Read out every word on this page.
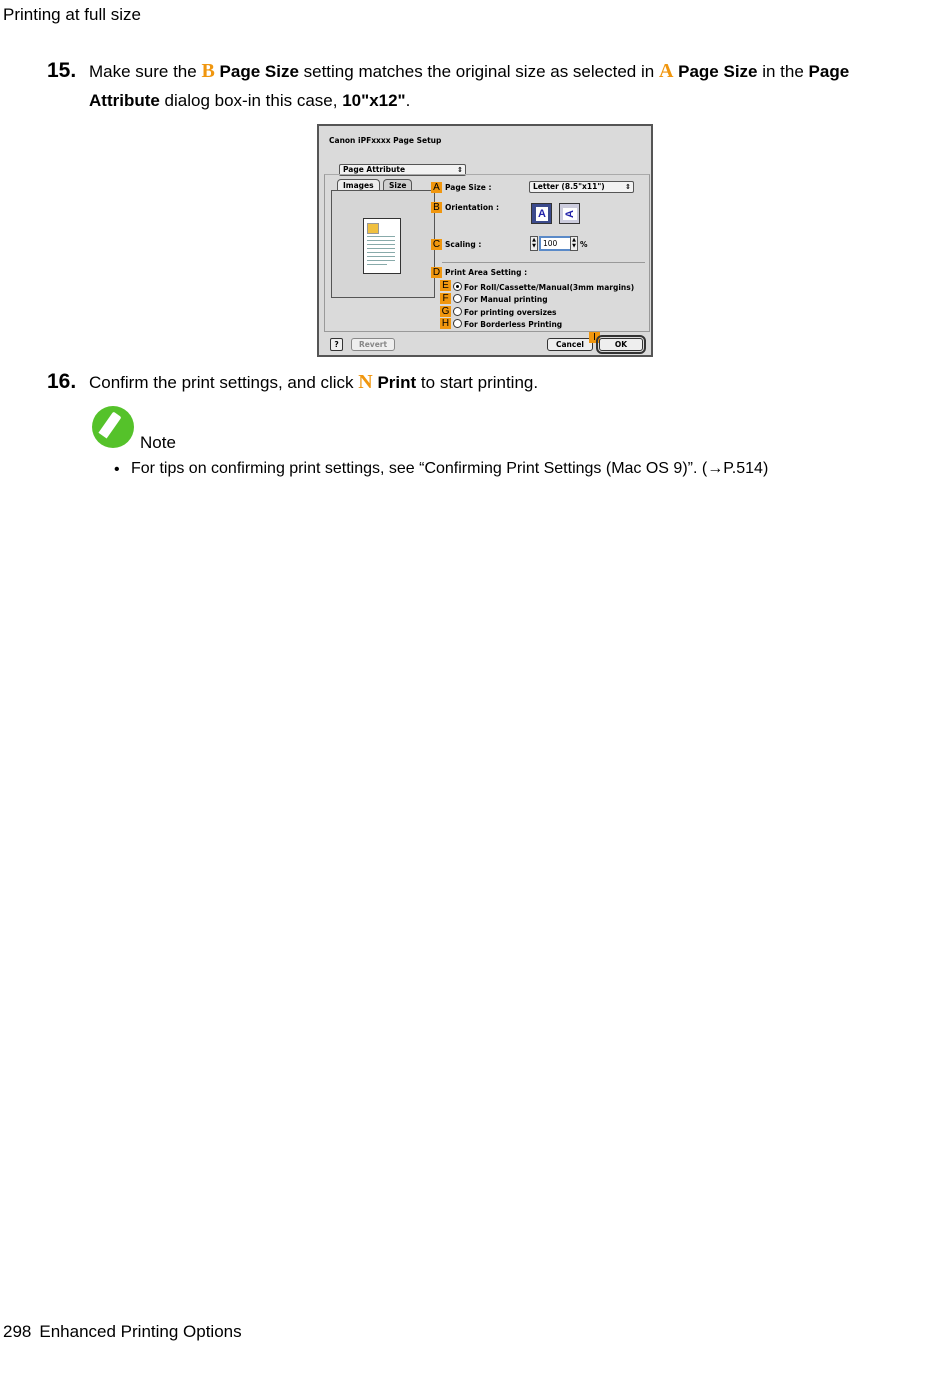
Printing at full size
15. Make sure the B Page Size setting matches the original size as selected in A Page Size in the Page Attribute dialog box-in this case, 10"x12".
Canon iPFxxxx Page Setup
Page Attribute	⇕
Images	Size	A Page Size :	Letter (8.5"x11")	⇕
B Orientation :
A A
C Scaling :	▲
▼ 100	▲
▼ %
D Print Area Setting :
E For Roll/Cassette/Manual(3mm margins)
F	For Manual printing
G For printing oversizes
H For Borderless Printing
?	Revert	Cancel
I
OK
16. Confirm the print settings, and click N Print to start printing.
Note
• For tips on confirming print settings, see “Confirming Print Settings (Mac OS 9)”. (→P.514)
298 Enhanced Printing Options
